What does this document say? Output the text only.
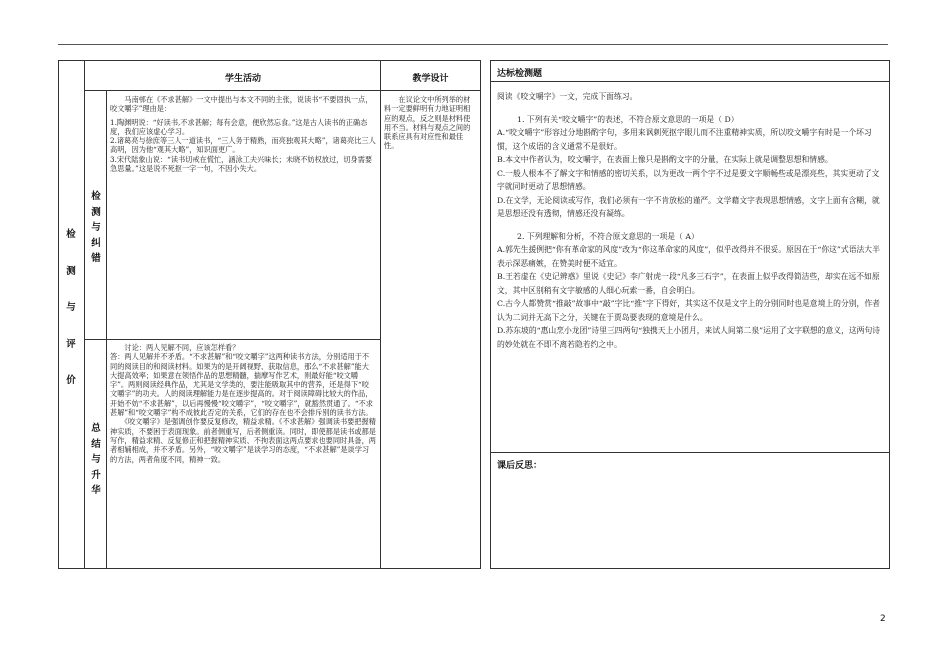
学生活动	教学设计
检
测
与
评
价
检
测
与
纠
错
总
结
与
升
华

　　马南邨在《不求甚解》一文中提出与本文不同的主张，说读书“不要固执一点，咬文嚼字”理由是：

1.陶渊明说：“好读书,不求甚解；每有会意，便欣然忘食。”这是古人读书的正确态度，我们应该虚心学习。

2.诸葛亮与徐庶等三人一道读书，“三人务于精熟，而亮独观其大略”，诸葛亮比三人高明，因为他“观其大略”，知识面更广。

3.宋代陆象山说：“读书切戒在慌忙，涵泳工夫兴味长；未晓不妨权放过，切身需要急思量。”这是说不死抠一字一句，不因小失大。

　　在议论文中所列举的材料一定要鲜明有力地证明相应的观点，反之则是材料使用不当。材料与观点之间的联系应具有对应性和最佳性。

　　讨论：两人见解不同，应该怎样看？

答：两人见解并不矛盾。“不求甚解”和“咬文嚼字”这两种读书方法，分别适用于不同的阅读目的和阅读材料。如果为的是开阔视野、获取信息，那么“不求甚解”能大大提高效率；如果意在领悟作品的思想精髓，揣摩写作艺术，则最好能“咬文嚼字”。两则阅读经典作品，尤其是文学类的，要注能吸取其中的营养，还是得下“咬文嚼字”的功夫。人的阅读理解能力是在逐步提高的。对于阅读障碍比较大的作品，开始不妨“不求甚解”，以后再慢慢“咬文嚼字”，“咬文嚼字”，就豁然贯通了。“不求甚解”和“咬文嚼字”构不成彼此否定的关系，它们的存在也不会排斥别的读书方法。

　　《咬文嚼字》是强调创作要反复修改，精益求精。《不求甚解》强调读书要把握精神实质，不要困于表面现象。前者侧重写，后者侧重读。同时，即使都是读书或都是写作，精益求精、反复修正和把握精神实质、不拘表面这两点要求也要同时具备，两者相辅相成，并不矛盾。另外，“咬文嚼字”是谈学习的态度，“不求甚解”是谈学习的方法，两者角度不同，精神一致。

达标检测题

阅读《咬文嚼字》一文，完成下面练习。

1. 下列有关“咬文嚼字”的表述，不符合原文意思的一项是（ D）

A.“咬文嚼字”形容过分地斟酌字句，多用来讽刺死抠字眼儿而不注重精神实质，所以咬文嚼字有时是一个坏习惯，这个成语的含义通常不是很好。

B.本文中作者认为，咬文嚼字，在表面上像只是斟酌文字的分量，在实际上就是调整思想和情感。

C.一般人根本不了解文字和情感的密切关系，以为更改一两个字不过是要文字顺畅些或是漂亮些，其实更动了文字就同时更动了思想情感。

D.在文学，无论阅读或写作，我们必须有一字不肯放松的谨严。文学藉文字表现思想情感，文字上面有含糊，就是思想还没有透彻，情感还没有凝练。

2. 下列理解和分析，不符合原文意思的一项是（ A）

A.郭先生援例把“你有革命家的风度”改为“你这革命家的风度”，似乎改得并不很妥。原因在于“你这”式语法大半表示深恶痛嫉，在赞美时便不适宜。

B.王若虚在《史记辨惑》里说《史记》李广射虎一段“凡多三石字”，在表面上似乎改得简洁些，却实在远不如原文，其中区别稍有文字敏感的人细心玩索一番，自会明白。

C.古今人都赞赏“推敲”故事中“敲”字比“推”字下得好，其实这不仅是文字上的分别同时也是意境上的分别，作者认为二词并无高下之分，关键在于贾岛要表现的意境是什么。

D.苏东坡的“惠山烹小龙团”诗里三四两句“独携天上小团月，来试人间第二泉”运用了文字联想的意义，这两句诗的妙处就在不即不离若隐若约之中。

课后反思：
2
